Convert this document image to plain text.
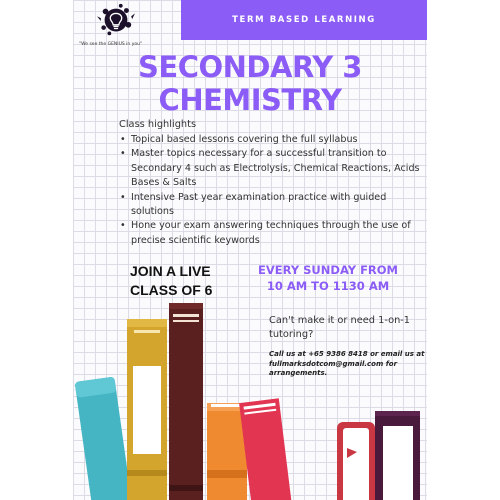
"We see the GENIUS in you"
TERM BASED LEARNING
SECONDARY 3
CHEMISTRY
Class highlights
• Topical based lessons covering the full syllabus
• Master topics necessary for a successful transition to Secondary 4 such as Electrolysis, Chemical Reactions, Acids Bases & Salts
• Intensive Past year examination practice with guided solutions
• Hone your exam answering techniques through the use of precise scientific keywords
JOIN A LIVE
CLASS OF 6
EVERY SUNDAY FROM
10 AM TO 1130 AM
Can't make it or need 1-on-1 tutoring?
Call us at +65 9386 8418 or email us at fullmarksdotcom@gmail.com for arrangements.
